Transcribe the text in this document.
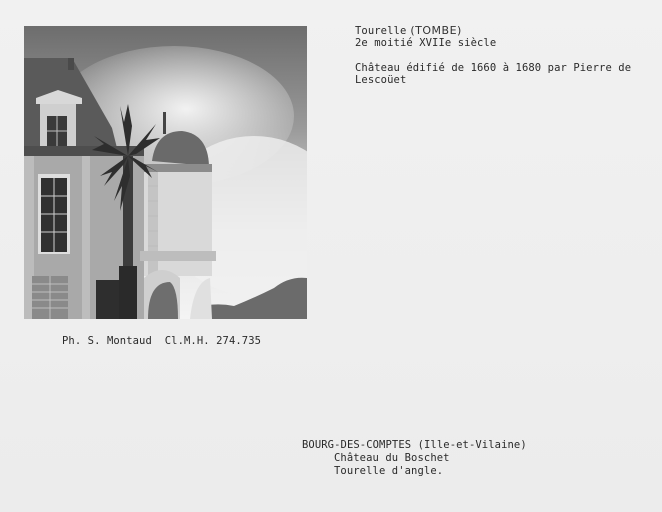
Tourelle (TOMBE)
2e moitié XVIIe siècle
Château édifié de 1660 à 1680 par Pierre de
Lescoüet
Ph. S. Montaud  Cl.M.H. 274.735
BOURG-DES-COMPTES (Ille-et-Vilaine)
Château du Boschet
Tourelle d'angle.
